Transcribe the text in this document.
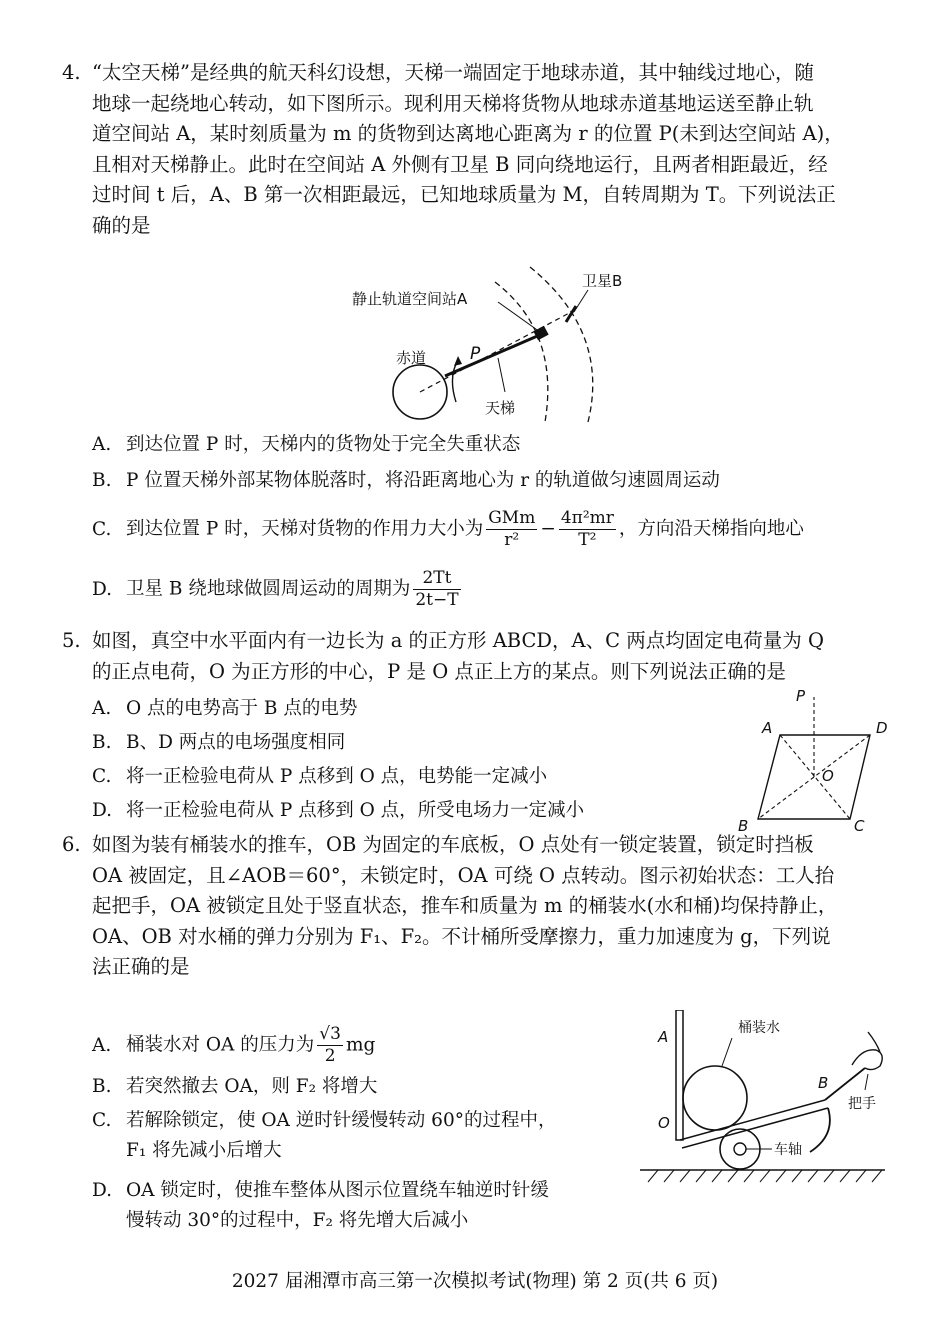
4. “太空天梯”是经典的航天科幻设想，天梯一端固定于地球赤道，其中轴线过地心，随
地球一起绕地心转动，如下图所示。现利用天梯将货物从地球赤道基地运送至静止轨
道空间站 A，某时刻质量为 m 的货物到达离地心距离为 r 的位置 P(未到达空间站 A)，
且相对天梯静止。此时在空间站 A 外侧有卫星 B 同向绕地运行，且两者相距最近，经
过时间 t 后，A、B 第一次相距最远，已知地球质量为 M，自转周期为 T。下列说法正
确的是
静止轨道空间站A
卫星B
赤道	P
天梯
A. 到达位置 P 时，天梯内的货物处于完全失重状态
B. P 位置天梯外部某物体脱落时，将沿距离地心为 r 的轨道做匀速圆周运动
C. 到达位置 P 时，天梯对货物的作用力大小为 $\frac{\text{GMm}}{\text{r²}} - \frac{\text{4π²mr}}{\text{T²}}$ ，方向沿天梯指向地心
D. 卫星 B 绕地球做圆周运动的周期为 $\frac{2Tt}{2t-T}$
5. 如图，真空中水平面内有一边长为 a 的正方形 ABCD，A、C 两点均固定电荷量为 Q
的正点电荷，O 为正方形的中心，P 是 O 点正上方的某点。则下列说法正确的是
A. O 点的电势高于 B 点的电势
B. B、D 两点的电场强度相同
C. 将一正检验电荷从 P 点移到 O 点，电势能一定减小
D. 将一正检验电荷从 P 点移到 O 点，所受电场力一定减小
P
A	D
B	C
O
6. 如图为装有桶装水的推车，OB 为固定的车底板，O 点处有一锁定装置，锁定时挡板
OA 被固定，且∠AOB＝60°，未锁定时，OA 可绕 O 点转动。图示初始状态：工人抬
起把手，OA 被锁定且处于竖直状态，推车和质量为 m 的桶装水(水和桶)均保持静止，
OA、OB 对水桶的弹力分别为 F₁、F₂。不计桶所受摩擦力，重力加速度为 g，下列说
法正确的是
A. 桶装水对 OA 的压力为 $\frac{√3}{2}$ mg
B. 若突然撤去 OA，则 F₂ 将增大
C. 若解除锁定，使 OA 逆时针缓慢转动 60°的过程中，
F₁ 将先减小后增大
D. OA 锁定时，使推车整体从图示位置绕车轴逆时针缓
慢转动 30°的过程中，F₂ 将先增大后减小
A
O
B
桶装水
把手
车轴
2027 届湘潭市高三第一次模拟考试(物理) 第 2 页(共 6 页)
